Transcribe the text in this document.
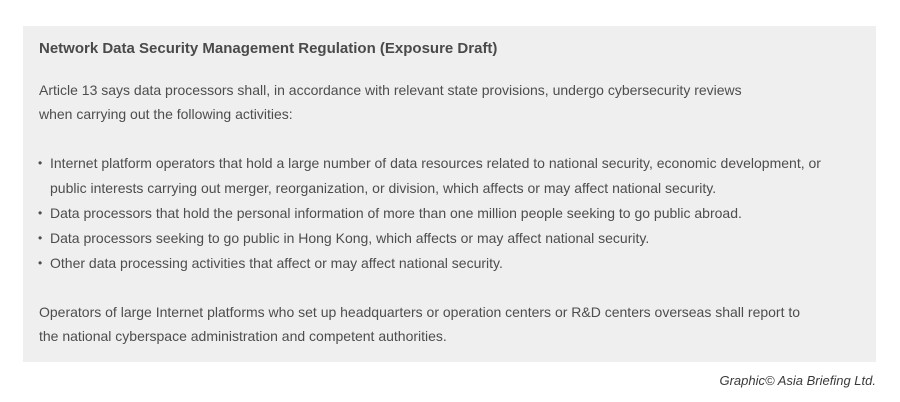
Network Data Security Management Regulation (Exposure Draft)

Article 13 says data processors shall, in accordance with relevant state provisions, undergo cybersecurity reviews when carrying out the following activities:

• Internet platform operators that hold a large number of data resources related to national security, economic development, or public interests carrying out merger, reorganization, or division, which affects or may affect national security.
• Data processors that hold the personal information of more than one million people seeking to go public abroad.
• Data processors seeking to go public in Hong Kong, which affects or may affect national security.
• Other data processing activities that affect or may affect national security.

Operators of large Internet platforms who set up headquarters or operation centers or R&D centers overseas shall report to the national cyberspace administration and competent authorities.

Graphic© Asia Briefing Ltd.
